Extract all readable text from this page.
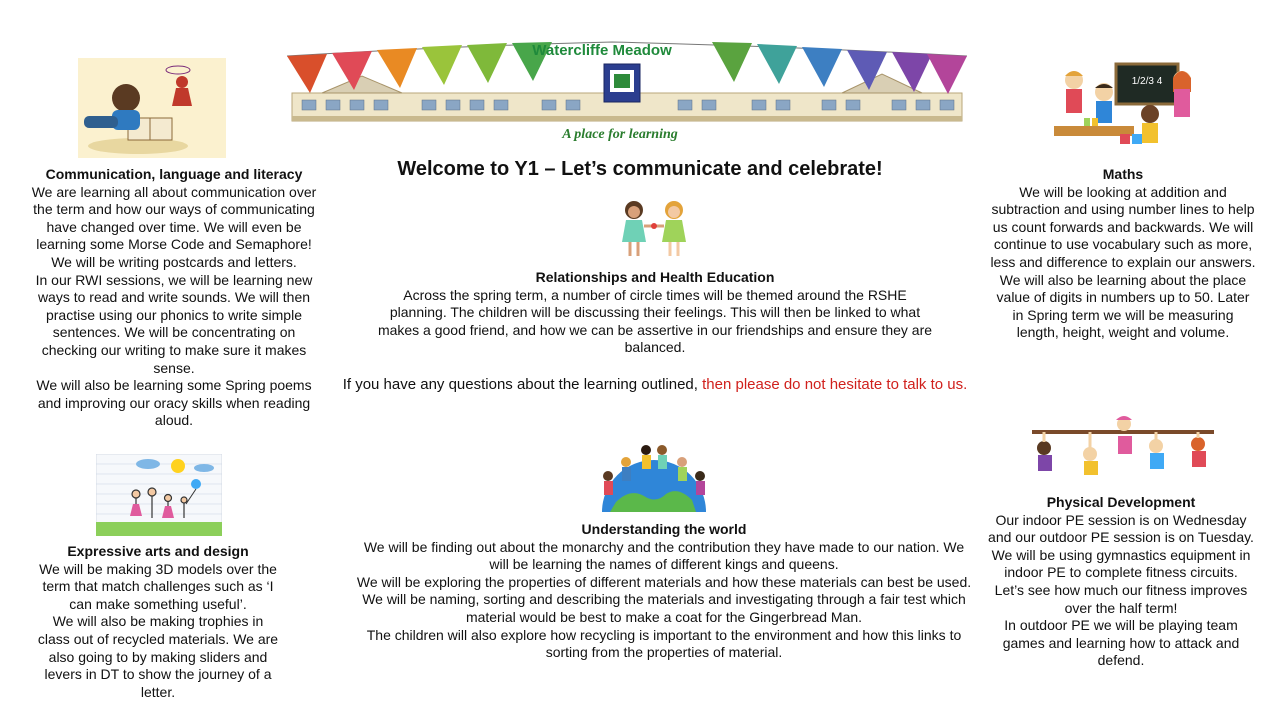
Watercliffe Meadow
A place for learning
Welcome to Y1 – Let’s communicate and celebrate!
Communication, language and literacy

We are learning all about communication over the term and how our ways of communicating have changed over time. We will even be learning some Morse Code and Semaphore! We will be writing postcards and letters.

In our RWI sessions, we will be learning new ways to read and write sounds. We will then practise using our phonics to write simple sentences. We will be concentrating on checking our writing to make sure it makes sense.

We will also be learning some Spring poems and improving our oracy skills when reading aloud.

Expressive arts and design

We will be making 3D models over the term that match challenges such as ‘I can make something useful’.

We will also be making trophies in class out of recycled materials. We are also going to by making sliders and levers in DT to show the journey of a letter.

Relationships and Health Education

Across the spring term, a number of circle times will be themed around the RSHE planning. The children will be discussing their feelings. This will then be linked to what makes a good friend, and how we can be assertive in our friendships and ensure they are balanced.

If you have any questions about the learning outlined, then please do not hesitate to talk to us.
Understanding the world

We will be finding out about the monarchy and the contribution they have made to our nation. We will be learning the names of different kings and queens.

We will be exploring the properties of different materials and how these materials can best be used. We will be naming, sorting and describing the materials and investigating through a fair test which material would be best to make a coat for the Gingerbread Man.

The children will also explore how recycling is important to the environment and how this links to sorting from the properties of material.

1/2/3 4
Maths

We will be looking at addition and subtraction and using number lines to help us count forwards and backwards. We will continue to use vocabulary such as more, less and difference to explain our answers.

We will also be learning about the place value of digits in numbers up to 50. Later in Spring term we will be measuring length, height, weight and volume.

Physical Development

Our indoor PE session is on Wednesday and our outdoor PE session is on Tuesday.

We will be using gymnastics equipment in indoor PE to complete fitness circuits. Let’s see how much our fitness improves over the half term!

In outdoor PE we will be playing team games and learning how to attack and defend.
